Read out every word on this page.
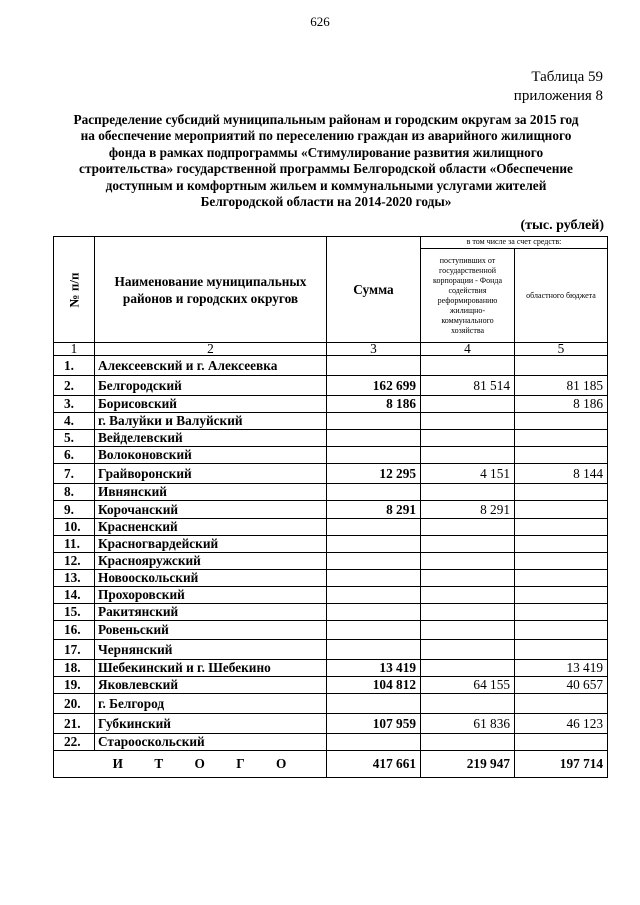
626
Таблица 59
приложения 8
Распределение субсидий муниципальным районам и городским округам за 2015 год
на обеспечение мероприятий по переселению граждан из аварийного жилищного
фонда в рамках подпрограммы «Стимулирование развития жилищного
строительства» государственной программы Белгородской области «Обеспечение
доступным и комфортным жильем и коммунальными услугами жителей
Белгородской области на 2014-2020 годы»
(тыс. рублей)
№ п/п	Наименование муниципальных районов и городских округов	Сумма	в том числе за счет средств:	
			поступивших от государственной корпорации - Фонда содействия реформированию жилищно-коммунального хозяйства	областного бюджета
1	2	3	4	5
1.	Алексеевский и г. Алексеевка			
2.	Белгородский	162 699	81 514	81 185
3.	Борисовский	8 186		8 186
4.	г. Валуйки и Валуйский			
5.	Вейделевский			
6.	Волоконовский			
7.	Грайворонский	12 295	4 151	8 144
8.	Ивнянский			
9.	Корочанский	8 291	8 291	
10.	Красненский			
11.	Красногвардейский			
12.	Краснояружский			
13.	Новооскольский			
14.	Прохоровский			
15.	Ракитянский			
16.	Ровеньский			
17.	Чернянский			
18.	Шебекинский и г. Шебекино	13 419		13 419
19.	Яковлевский	104 812	64 155	40 657
20.	г. Белгород			
21.	Губкинский	107 959	61 836	46 123
22.	Старооскольский			
И Т О Г О		417 661	219 947	197 714
